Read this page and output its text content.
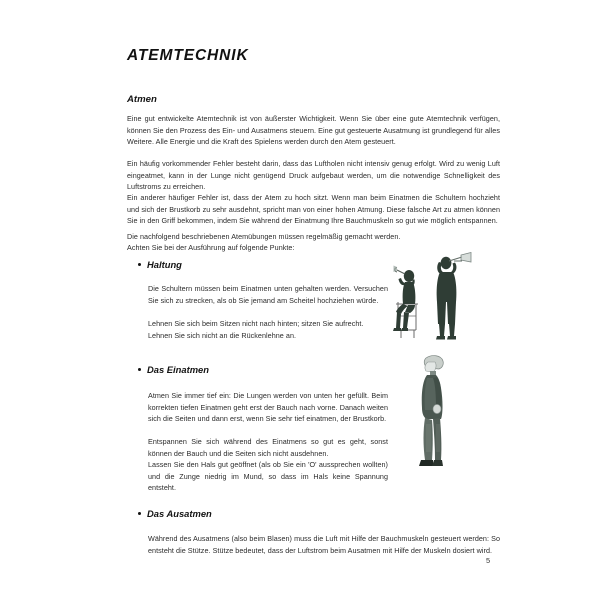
ATEMTECHNIK
Atmen
Eine gut entwickelte Atemtechnik ist von äußerster Wichtigkeit. Wenn Sie über eine gute Atemtechnik verfügen, können Sie den Prozess des Ein- und Ausatmens steuern. Eine gut gesteuerte Ausatmung ist grundlegend für alles Weitere. Alle Energie und die Kraft des Spielens werden durch den Atem gesteuert.
Ein häufig vorkommender Fehler besteht darin, dass das Luftholen nicht intensiv genug erfolgt. Wird zu wenig Luft eingeatmet, kann in der Lunge nicht genügend Druck aufgebaut werden, um die notwendige Schnelligkeit des Luftstroms zu erreichen.
Ein anderer häufiger Fehler ist, dass der Atem zu hoch sitzt. Wenn man beim Einatmen die Schultern hochzieht und sich der Brustkorb zu sehr ausdehnt, spricht man von einer hohen Atmung. Diese falsche Art zu atmen können Sie in den Griff bekommen, indem Sie während der Einatmung Ihre Bauchmuskeln so gut wie möglich entspannen.
Die nachfolgend beschriebenen Atemübungen müssen regelmäßig gemacht werden.
Achten Sie bei der Ausführung auf folgende Punkte:
Haltung
Die Schultern müssen beim Einatmen unten gehalten werden. Versuchen Sie sich zu strecken, als ob Sie jemand am Scheitel hochziehen würde.
Lehnen Sie sich beim Sitzen nicht nach hinten; sitzen Sie aufrecht.
Lehnen Sie sich nicht an die Rückenlehne an.
Das Einatmen
Atmen Sie immer tief ein: Die Lungen werden von unten her gefüllt. Beim korrekten tiefen Einatmen geht erst der Bauch nach vorne. Danach weiten sich die Seiten und dann erst, wenn Sie sehr tief einatmen, der Brustkorb.
Entspannen Sie sich während des Einatmens so gut es geht, sonst können der Bauch und die Seiten sich nicht ausdehnen.
Lassen Sie den Hals gut geöffnet (als ob Sie ein 'O' aussprechen wollten) und die Zunge niedrig im Mund, so dass im Hals keine Spannung entsteht.
Das Ausatmen
Während des Ausatmens (also beim Blasen) muss die Luft mit Hilfe der Bauchmuskeln gesteuert werden: So entsteht die Stütze. Stütze bedeutet, dass der Luftstrom beim Ausatmen mit Hilfe der Muskeln dosiert wird.
5
